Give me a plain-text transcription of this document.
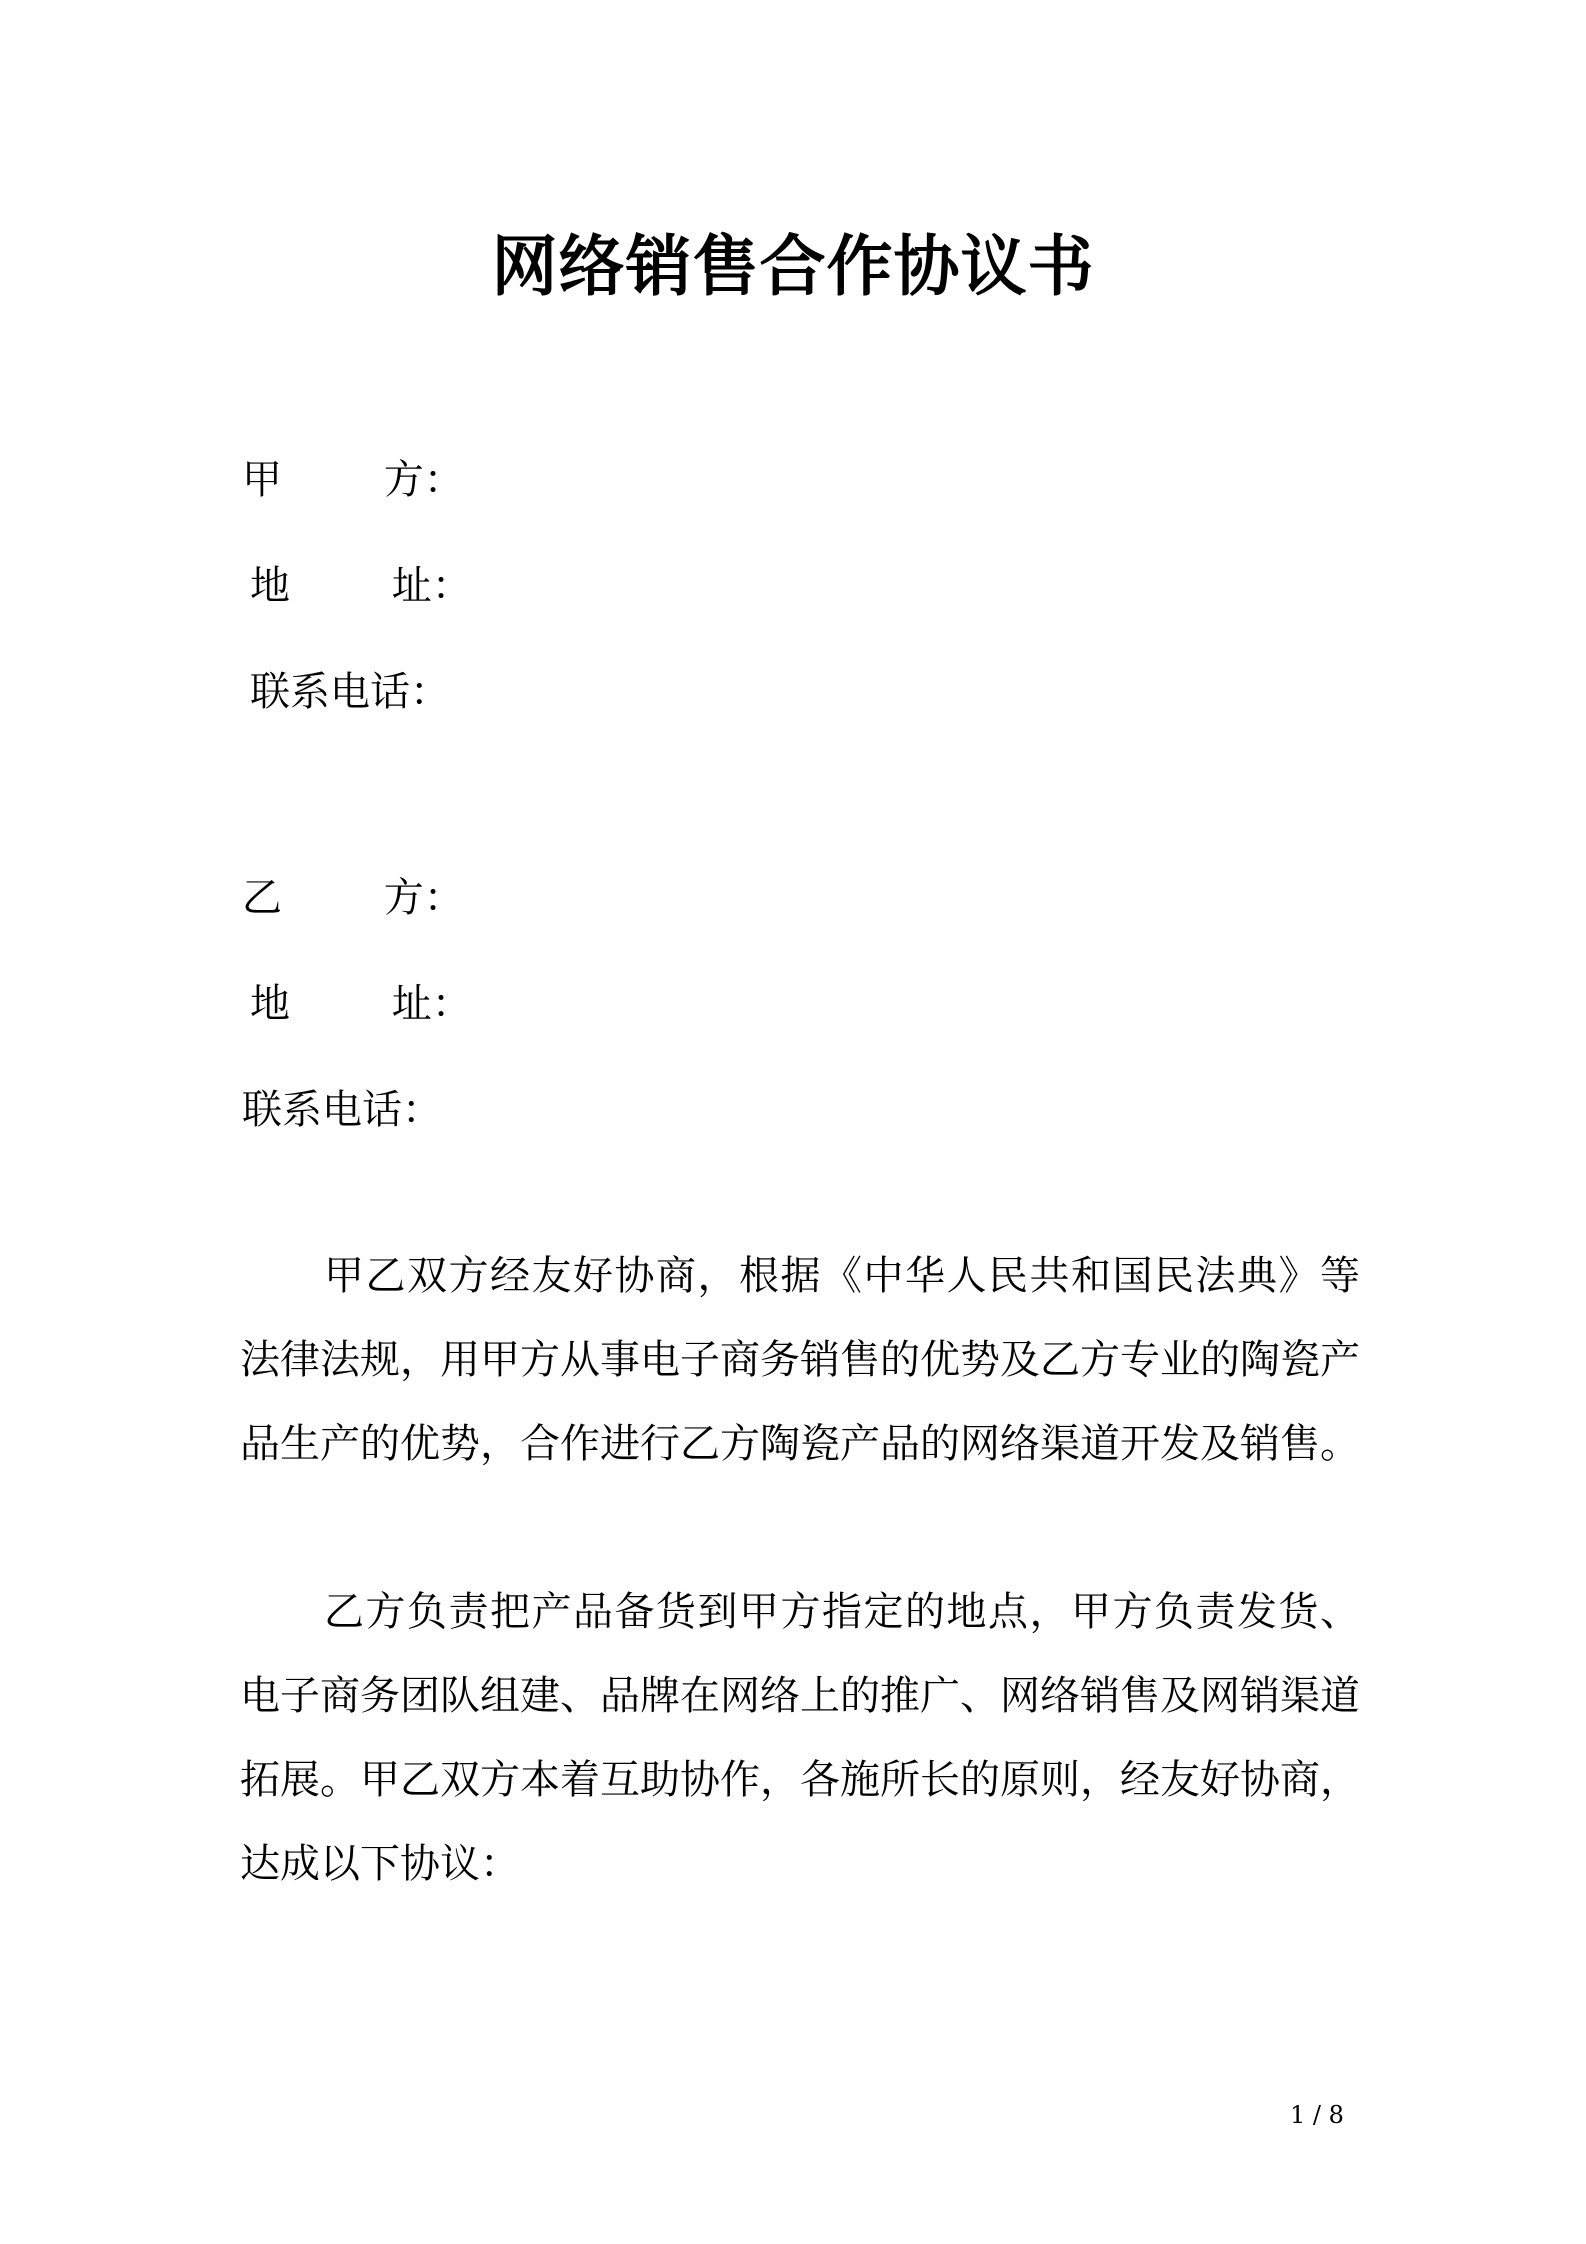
网络销售合作协议书
甲        方：
地        址：
联系电话：
乙        方：
地        址：
联系电话：
甲乙双方经友好协商，根据《中华人民共和国民法典》等法律法规，用甲方从事电子商务销售的优势及乙方专业的陶瓷产品生产的优势，合作进行乙方陶瓷产品的网络渠道开发及销售。
乙方负责把产品备货到甲方指定的地点，甲方负责发货、电子商务团队组建、品牌在网络上的推广、网络销售及网销渠道拓展。甲乙双方本着互助协作，各施所长的原则，经友好协商，达成以下协议：
1 / 8
